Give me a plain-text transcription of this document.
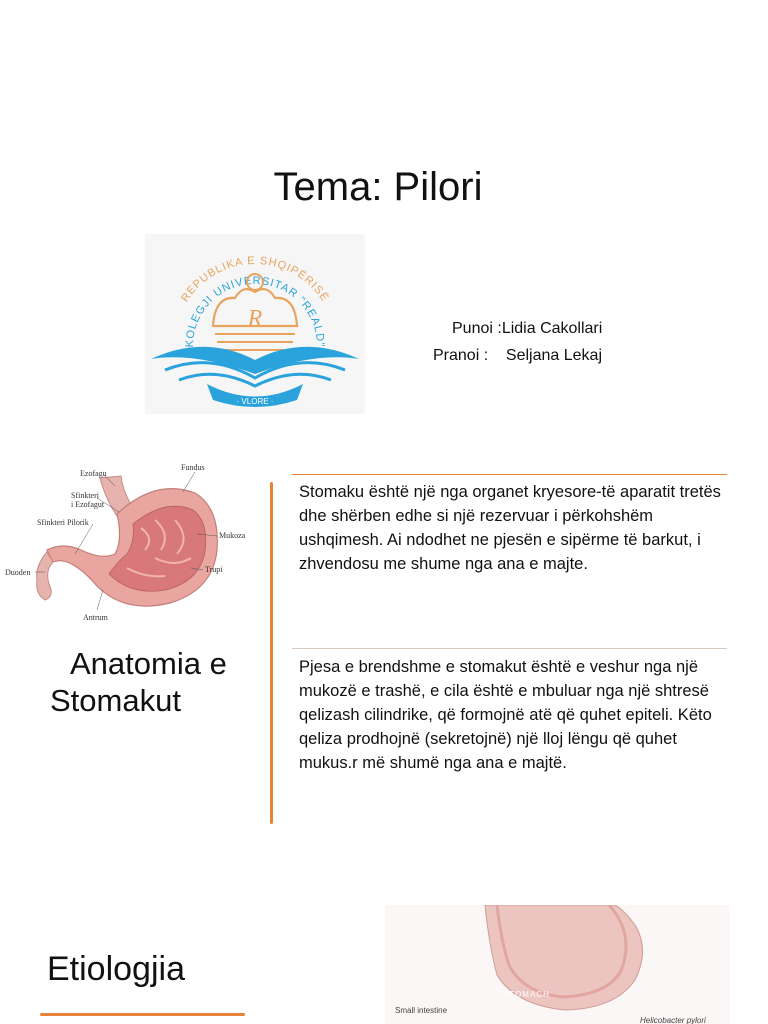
Tema: Pilori
REPUBLIKA E SHQIPËRISË
KOLEGJI UNIVERSITAR "REALD"
R
· VLORE ·
Punoi :Lidia Cakollari
Pranoi :    Seljana Lekaj
Ezofagu
Fundus
Sfinkteri
i Ezofagut
Sfinkteri Pilorik
Mukoza
Duoden	Trupi
Antrum
Anatomia e
Stomakut
Stomaku është një nga organet kryesore-të aparatit tretës dhe shërben edhe si një rezervuar i përkohshëm ushqimesh. Ai ndodhet ne pjesën e sipërme të barkut, i zhvendosu me shume nga ana e majte.
Pjesa e brendshme e stomakut është e veshur nga një mukozë e trashë, e cila është e mbuluar nga një shtresë qelizash cilindrike, që formojnë atë që quhet epiteli. Këto qeliza prodhojnë (sekretojnë) një lloj lëngu që quhet mukus.r më shumë nga ana e majtë.
Etiologjia
STOMACH
Small intestine
Helicobacter pylori
